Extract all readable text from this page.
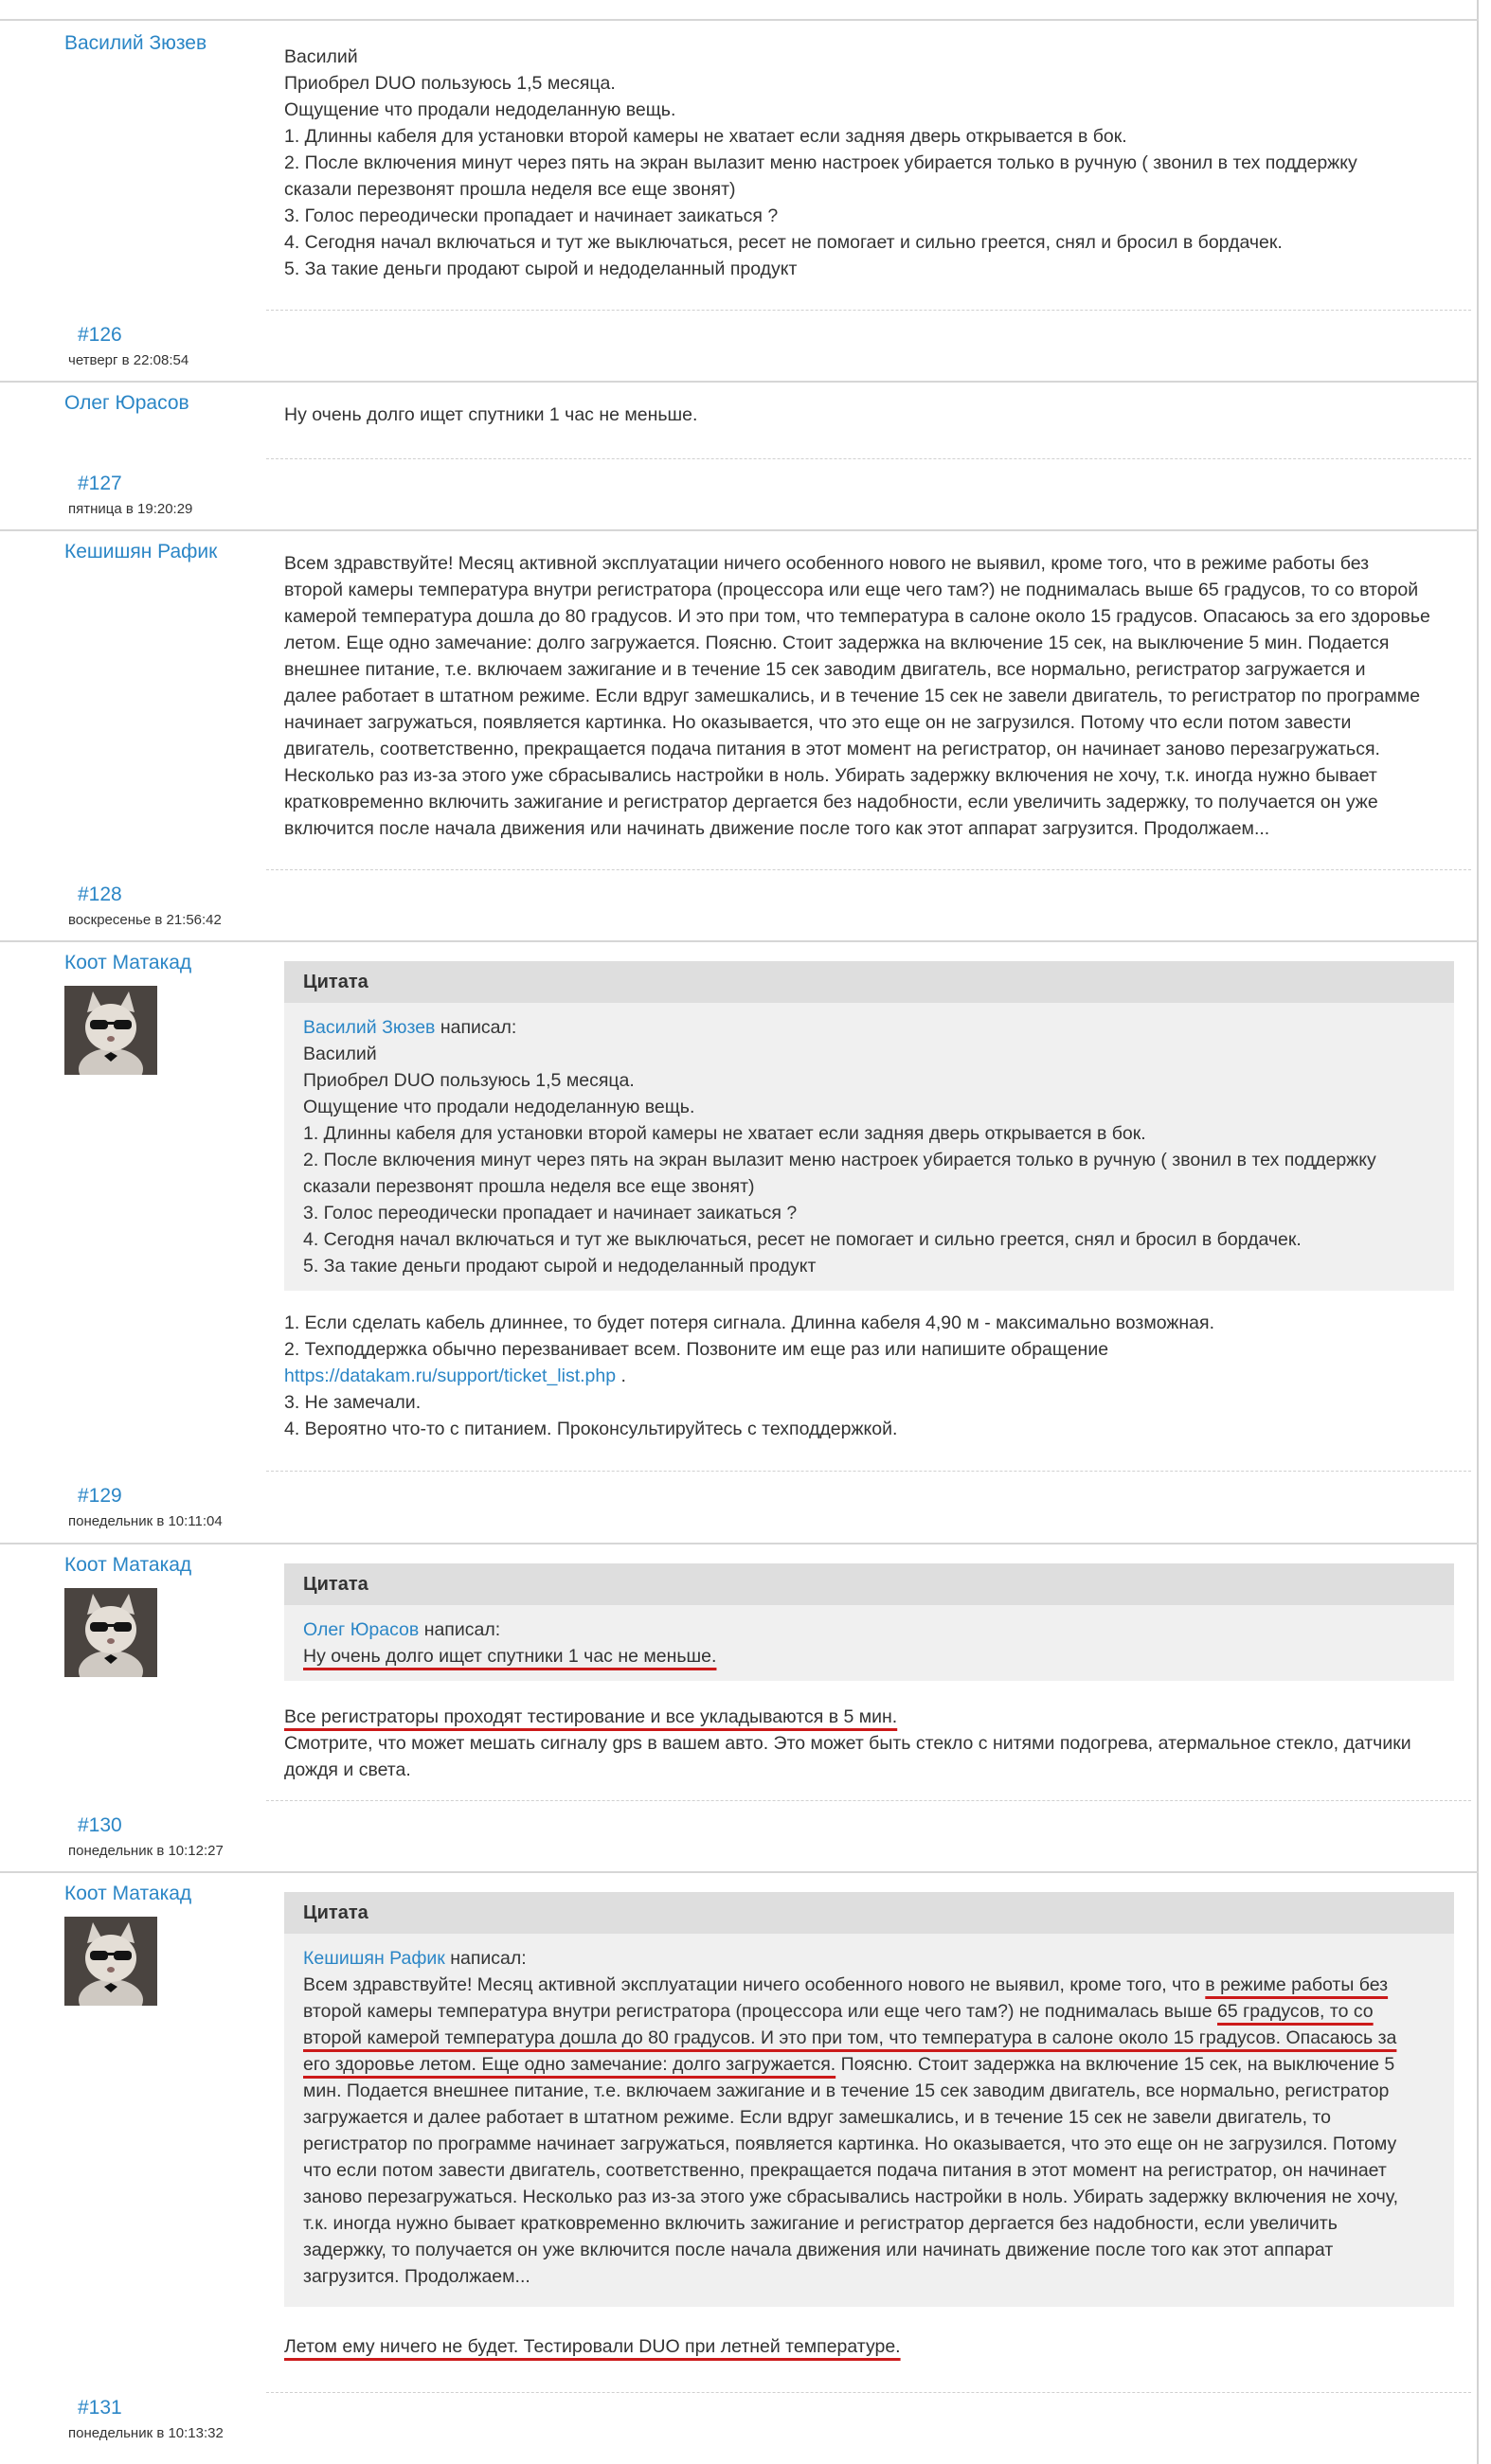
Василий Зюзев
Василий
Приобрел DUO пользуюсь 1,5 месяца.
Ощущение что продали недоделанную вещь.
1. Длинны кабеля для установки второй камеры не хватает если задняя дверь открывается в бок.
2. После включения минут через пять на экран вылазит меню настроек убирается только в ручную ( звонил в тех поддержку
сказали перезвонят прошла неделя все еще звонят)
3. Голос переодически пропадает и начинает заикаться ?
4. Сегодня начал включаться и тут же выключаться, ресет не помогает и сильно греется, снял и бросил в бордачек.
5. За такие деньги продают сырой и недоделанный продукт
#126
четверг в 22:08:54
Олег Юрасов
Ну очень долго ищет спутники 1 час не меньше.
#127
пятница в 19:20:29
Кешишян Рафик
Всем здравствуйте! Месяц активной эксплуатации ничего особенного нового не выявил, кроме того, что в режиме работы без
второй камеры температура внутри регистратора (процессора или еще чего там?) не поднималась выше 65 градусов, то со второй
камерой температура дошла до 80 градусов. И это при том, что температура в салоне около 15 градусов. Опасаюсь за его здоровье
летом. Еще одно замечание: долго загружается. Поясню. Стоит задержка на включение 15 сек, на выключение 5 мин. Подается
внешнее питание, т.е. включаем зажигание и в течение 15 сек заводим двигатель, все нормально, регистратор загружается и
далее работает в штатном режиме. Если вдруг замешкались, и в течение 15 сек не завели двигатель, то регистратор по программе
начинает загружаться, появляется картинка. Но оказывается, что это еще он не загрузился. Потому что если потом завести
двигатель, соответственно, прекращается подача питания в этот момент на регистратор, он начинает заново перезагружаться.
Несколько раз из-за этого уже сбрасывались настройки в ноль. Убирать задержку включения не хочу, т.к. иногда нужно бывает
кратковременно включить зажигание и регистратор дергается без надобности, если увеличить задержку, то получается он уже
включится после начала движения или начинать движение после того как этот аппарат загрузится. Продолжаем...
#128
воскресенье в 21:56:42
Коот Матакад
Цитата
Василий Зюзев написал:
Василий
Приобрел DUO пользуюсь 1,5 месяца.
Ощущение что продали недоделанную вещь.
1. Длинны кабеля для установки второй камеры не хватает если задняя дверь открывается в бок.
2. После включения минут через пять на экран вылазит меню настроек убирается только в ручную ( звонил в тех поддержку
сказали перезвонят прошла неделя все еще звонят)
3. Голос переодически пропадает и начинает заикаться ?
4. Сегодня начал включаться и тут же выключаться, ресет не помогает и сильно греется, снял и бросил в бордачек.
5. За такие деньги продают сырой и недоделанный продукт
1. Если сделать кабель длиннее, то будет потеря сигнала. Длинна кабеля 4,90 м - максимально возможная.
2. Техподдержка обычно перезванивает всем. Позвоните им еще раз или напишите обращение
https://datakam.ru/support/ticket_list.php .
3. Не замечали.
4. Вероятно что-то с питанием. Проконсультируйтесь с техподдержкой.
#129
понедельник в 10:11:04
Коот Матакад
Цитата
Олег Юрасов написал:
Ну очень долго ищет спутники 1 час не меньше.
Все регистраторы проходят тестирование и все укладываются в 5 мин.
Смотрите, что может мешать сигналу gps в вашем авто. Это может быть стекло с нитями подогрева, атермальное стекло, датчики
дождя и света.
#130
понедельник в 10:12:27
Коот Матакад
Цитата
Кешишян Рафик написал:
Всем здравствуйте! Месяц активной эксплуатации ничего особенного нового не выявил, кроме того, что в режиме работы без
второй камеры температура внутри регистратора (процессора или еще чего там?) не поднималась выше 65 градусов, то со
второй камерой температура дошла до 80 градусов. И это при том, что температура в салоне около 15 градусов. Опасаюсь за
его здоровье летом. Еще одно замечание: долго загружается. Поясню. Стоит задержка на включение 15 сек, на выключение 5
мин. Подается внешнее питание, т.е. включаем зажигание и в течение 15 сек заводим двигатель, все нормально, регистратор
загружается и далее работает в штатном режиме. Если вдруг замешкались, и в течение 15 сек не завели двигатель, то
регистратор по программе начинает загружаться, появляется картинка. Но оказывается, что это еще он не загрузился. Потому
что если потом завести двигатель, соответственно, прекращается подача питания в этот момент на регистратор, он начинает
заново перезагружаться. Несколько раз из-за этого уже сбрасывались настройки в ноль. Убирать задержку включения не хочу,
т.к. иногда нужно бывает кратковременно включить зажигание и регистратор дергается без надобности, если увеличить
задержку, то получается он уже включится после начала движения или начинать движение после того как этот аппарат
загрузится. Продолжаем...
Летом ему ничего не будет. Тестировали DUO при летней температуре.
#131
понедельник в 10:13:32
